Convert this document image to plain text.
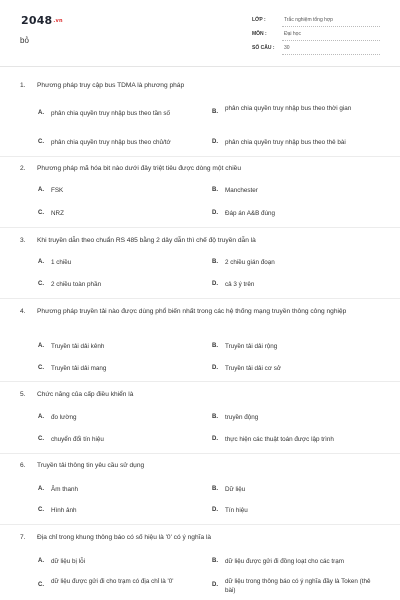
2048.vn
bỏ
LỚP :	Trắc nghiệm tổng hợp
MÔN :	Đại học
SỐ CÂU : 30
1. Phương pháp truy cập bus TDMA là phương pháp
A. phân chia quyền truy nhập bus theo tần số	B. phân chia quyền truy nhập bus theo thời gian
C. phân chia quyền truy nhập bus theo chủ/tớ	D. phân chia quyền truy nhập bus theo thẻ bài
2. Phương pháp mã hóa bit nào dưới đây triệt tiêu được dòng một chiều
A. FSK	B. Manchester
C. NRZ	D. Đáp án A&B đúng
3. Khi truyền dẫn theo chuẩn RS 485 bằng 2 dây dẫn thì chế độ truyền dẫn là
A. 1 chiều	B. 2 chiều gián đoạn
C. 2 chiều toàn phần	D. cả 3 ý trên
4. Phương pháp truyền tải nào được dùng phổ biến nhất trong các hệ thống mạng truyền thông công nghiệp
A. Truyền tải dải kênh	B. Truyền tải dải rộng
C. Truyền tải dải mang	D. Truyền tải dải cơ sở
5. Chức năng của cấp điều khiển là
A. đo lường	B. truyền động
C. chuyển đổi tín hiệu	D. thực hiện các thuật toán được lập trình
6. Truyền tải thông tin yêu cầu sử dụng
A. Âm thanh	B. Dữ liệu
C. Hình ảnh	D. Tín hiệu
7. Địa chỉ trong khung thông báo có số hiệu là '0' có ý nghĩa là
A. dữ liệu bị lỗi	B. dữ liệu được gửi đi đồng loạt cho các trạm
C. dữ liệu được gửi đi cho trạm có địa chỉ là '0'	D. dữ liệu trong thông báo có ý nghĩa đầy là Token (thẻ bài)
